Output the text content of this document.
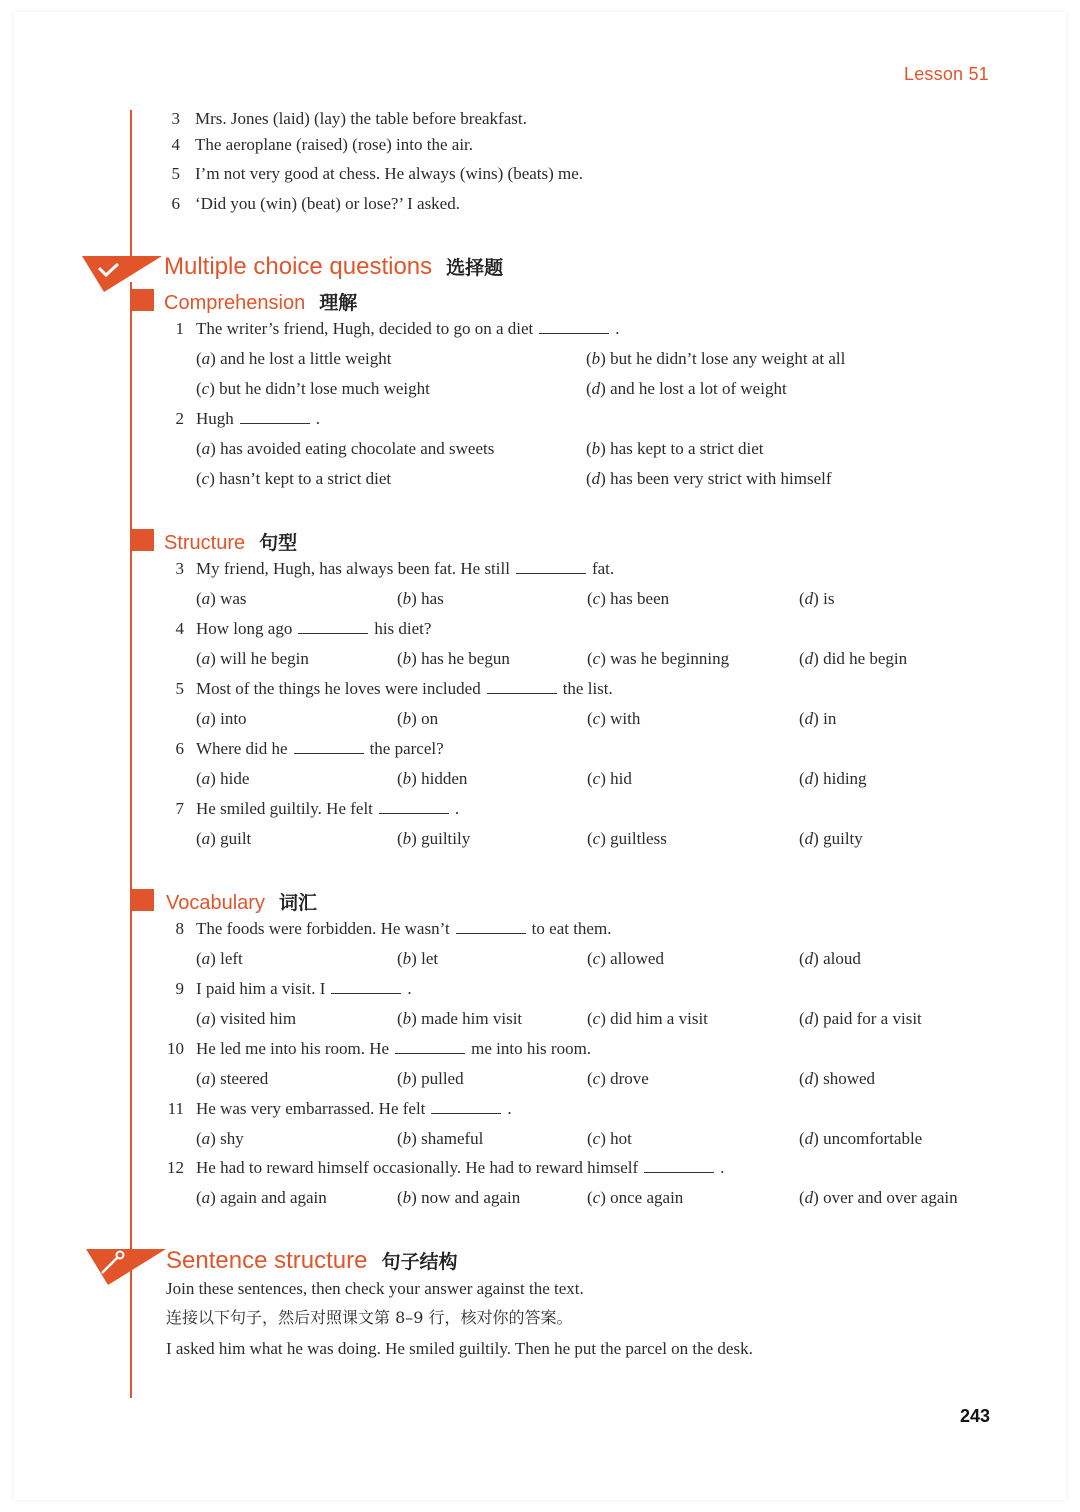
Lesson 51
Multiple choice questions 选择题
Comprehension 理解
Structure 句型
Vocabulary 词汇
Sentence structure 句子结构
Join these sentences, then check your answer against the text.
连接以下句子，然后对照课文第 8–9 行，核对你的答案。
I asked him what he was doing. He smiled guiltily. Then he put the parcel on the desk.
243
3 Mrs. Jones (laid) (lay) the table before breakfast.
4 The aeroplane (raised) (rose) into the air.
5 I’m not very good at chess. He always (wins) (beats) me.
6 ‘Did you (win) (beat) or lose?’ I asked.
1 The writer’s friend, Hugh, decided to go on a diet	.
(a) and he lost a little weight	(b) but he didn’t lose any weight at all
(c) but he didn’t lose much weight	(d) and he lost a lot of weight
2 Hugh	.
(a) has avoided eating chocolate and sweets	(b) has kept to a strict diet
(c) hasn’t kept to a strict diet	(d) has been very strict with himself
3 My friend, Hugh, has always been fat. He still	fat.
(a) was	(b) has	(c) has been	(d) is
4 How long ago	his diet?
(a) will he begin	(b) has he begun	(c) was he beginning	(d) did he begin
5 Most of the things he loves were included	the list.
(a) into	(b) on	(c) with	(d) in
6 Where did he	the parcel?
(a) hide	(b) hidden	(c) hid	(d) hiding
7 He smiled guiltily. He felt	.
(a) guilt	(b) guiltily	(c) guiltless	(d) guilty
8 The foods were forbidden. He wasn’t	to eat them.
(a) left	(b) let	(c) allowed	(d) aloud
9 I paid him a visit. I	.
(a) visited him	(b) made him visit	(c) did him a visit	(d) paid for a visit
10 He led me into his room. He	me into his room.
(a) steered	(b) pulled	(c) drove	(d) showed
11 He was very embarrassed. He felt	.
(a) shy	(b) shameful	(c) hot	(d) uncomfortable
12 He had to reward himself occasionally. He had to reward himself	.
(a) again and again	(b) now and again	(c) once again	(d) over and over again
